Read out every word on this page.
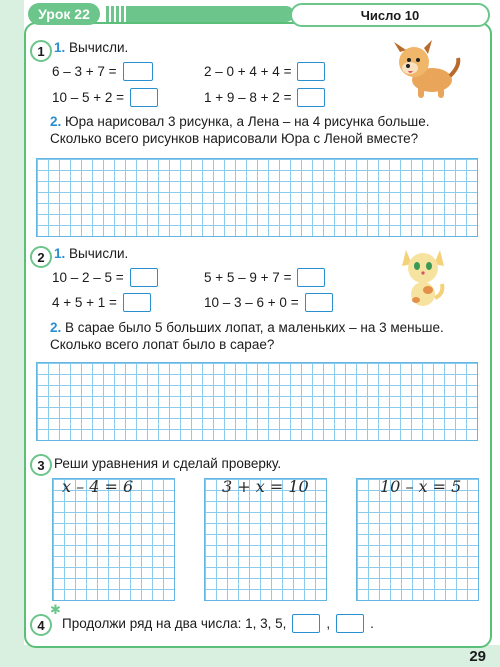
Урок 22	Число 10
1 1. Вычисли.
6 – 3 + 7 =	2 – 0 + 4 + 4 =
10 – 5 + 2 =	1 + 9 – 8 + 2 =
2. Юра нарисовал 3 рисунка, а Лена – на 4 рисунка больше.
Сколько всего рисунков нарисовали Юра с Леной вместе?
2 1. Вычисли.
10 – 2 – 5 =	5 + 5 – 9 + 7 =
4 + 5 + 1 =	10 – 3 – 6 + 0 =
2. В сарае было 5 больших лопат, а маленьких – на 3 меньше.
Сколько всего лопат было в сарае?
3 Реши уравнения и сделай проверку.
x – 4 = 6	3 + x = 10	10 – x = 5
4
✱
Продолжи ряд на два числа: 1, 3, 5,	,	.
29
